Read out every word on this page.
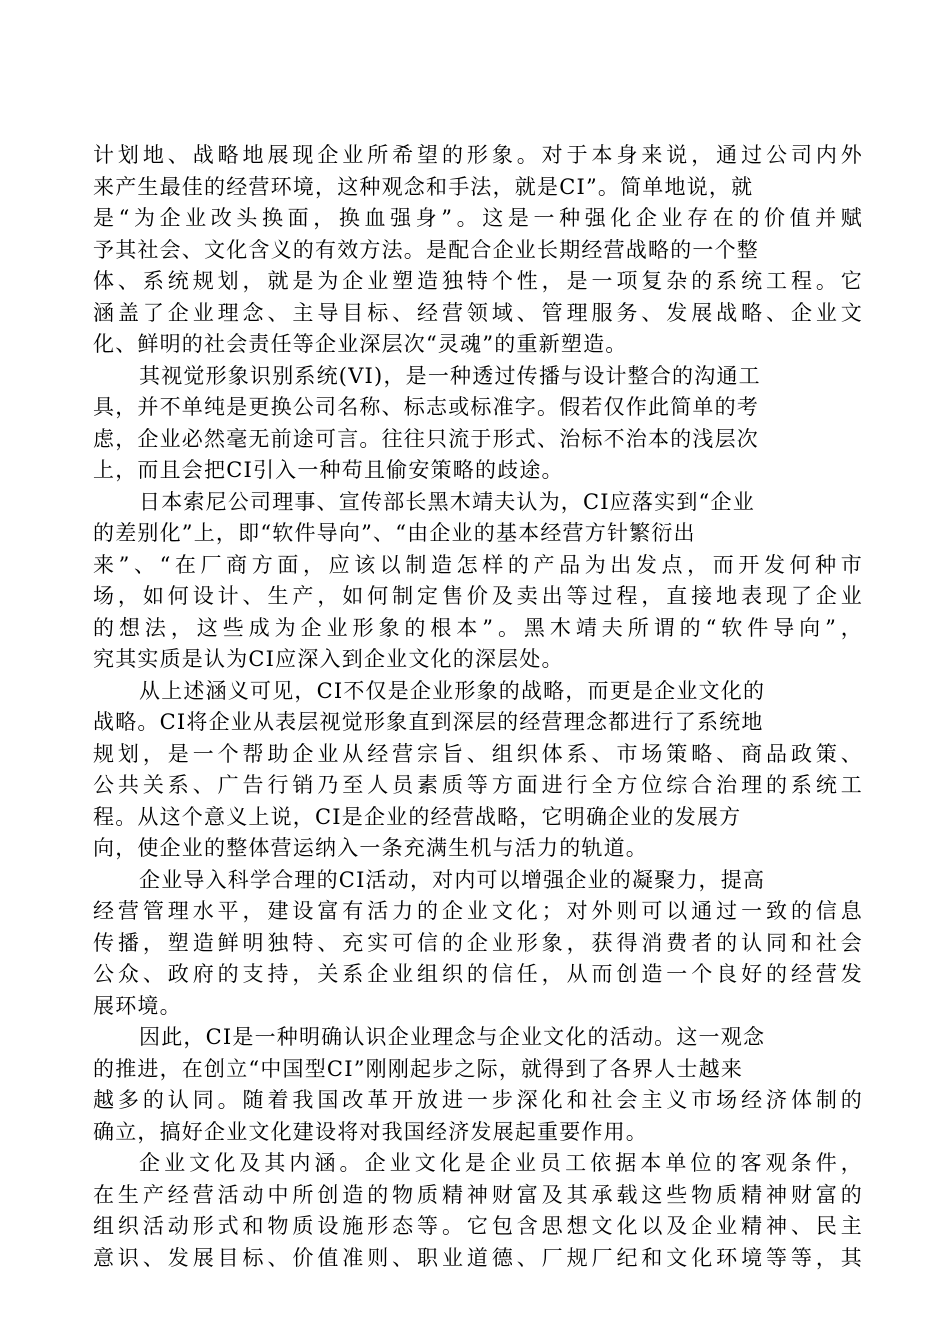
计划地、战略地展现企业所希望的形象。对于本身来说，通过公司内外
来产生最佳的经营环境，这种观念和手法，就是CI”。简单地说，就
是“为企业改头换面，换血强身”。这是一种强化企业存在的价值并赋
予其社会、文化含义的有效方法。是配合企业长期经营战略的一个整
体、系统规划，就是为企业塑造独特个性，是一项复杂的系统工程。它
涵盖了企业理念、主导目标、经营领域、管理服务、发展战略、企业文
化、鲜明的社会责任等企业深层次“灵魂”的重新塑造。
其视觉形象识别系统(VI)，是一种透过传播与设计整合的沟通工
具，并不单纯是更换公司名称、标志或标准字。假若仅作此简单的考
虑，企业必然毫无前途可言。往往只流于形式、治标不治本的浅层次
上，而且会把CI引入一种苟且偷安策略的歧途。
日本索尼公司理事、宣传部长黑木靖夫认为，CI应落实到“企业
的差别化”上，即“软件导向”、“由企业的基本经营方针繁衍出
来”、“在厂商方面，应该以制造怎样的产品为出发点，而开发何种市
场，如何设计、生产，如何制定售价及卖出等过程，直接地表现了企业
的想法，这些成为企业形象的根本”。黑木靖夫所谓的“软件导向”，
究其实质是认为CI应深入到企业文化的深层处。
从上述涵义可见，CI不仅是企业形象的战略，而更是企业文化的
战略。CI将企业从表层视觉形象直到深层的经营理念都进行了系统地
规划，是一个帮助企业从经营宗旨、组织体系、市场策略、商品政策、
公共关系、广告行销乃至人员素质等方面进行全方位综合治理的系统工
程。从这个意义上说，CI是企业的经营战略，它明确企业的发展方
向，使企业的整体营运纳入一条充满生机与活力的轨道。
企业导入科学合理的CI活动，对内可以增强企业的凝聚力，提高
经营管理水平，建设富有活力的企业文化；对外则可以通过一致的信息
传播，塑造鲜明独特、充实可信的企业形象，获得消费者的认同和社会
公众、政府的支持，关系企业组织的信任，从而创造一个良好的经营发
展环境。
因此，CI是一种明确认识企业理念与企业文化的活动。这一观念
的推进，在创立“中国型CI”刚刚起步之际，就得到了各界人士越来
越多的认同。随着我国改革开放进一步深化和社会主义市场经济体制的
确立，搞好企业文化建设将对我国经济发展起重要作用。
企业文化及其内涵。企业文化是企业员工依据本单位的客观条件，
在生产经营活动中所创造的物质精神财富及其承载这些物质精神财富的
组织活动形式和物质设施形态等。它包含思想文化以及企业精神、民主
意识、发展目标、价值准则、职业道德、厂规厂纪和文化环境等等，其
